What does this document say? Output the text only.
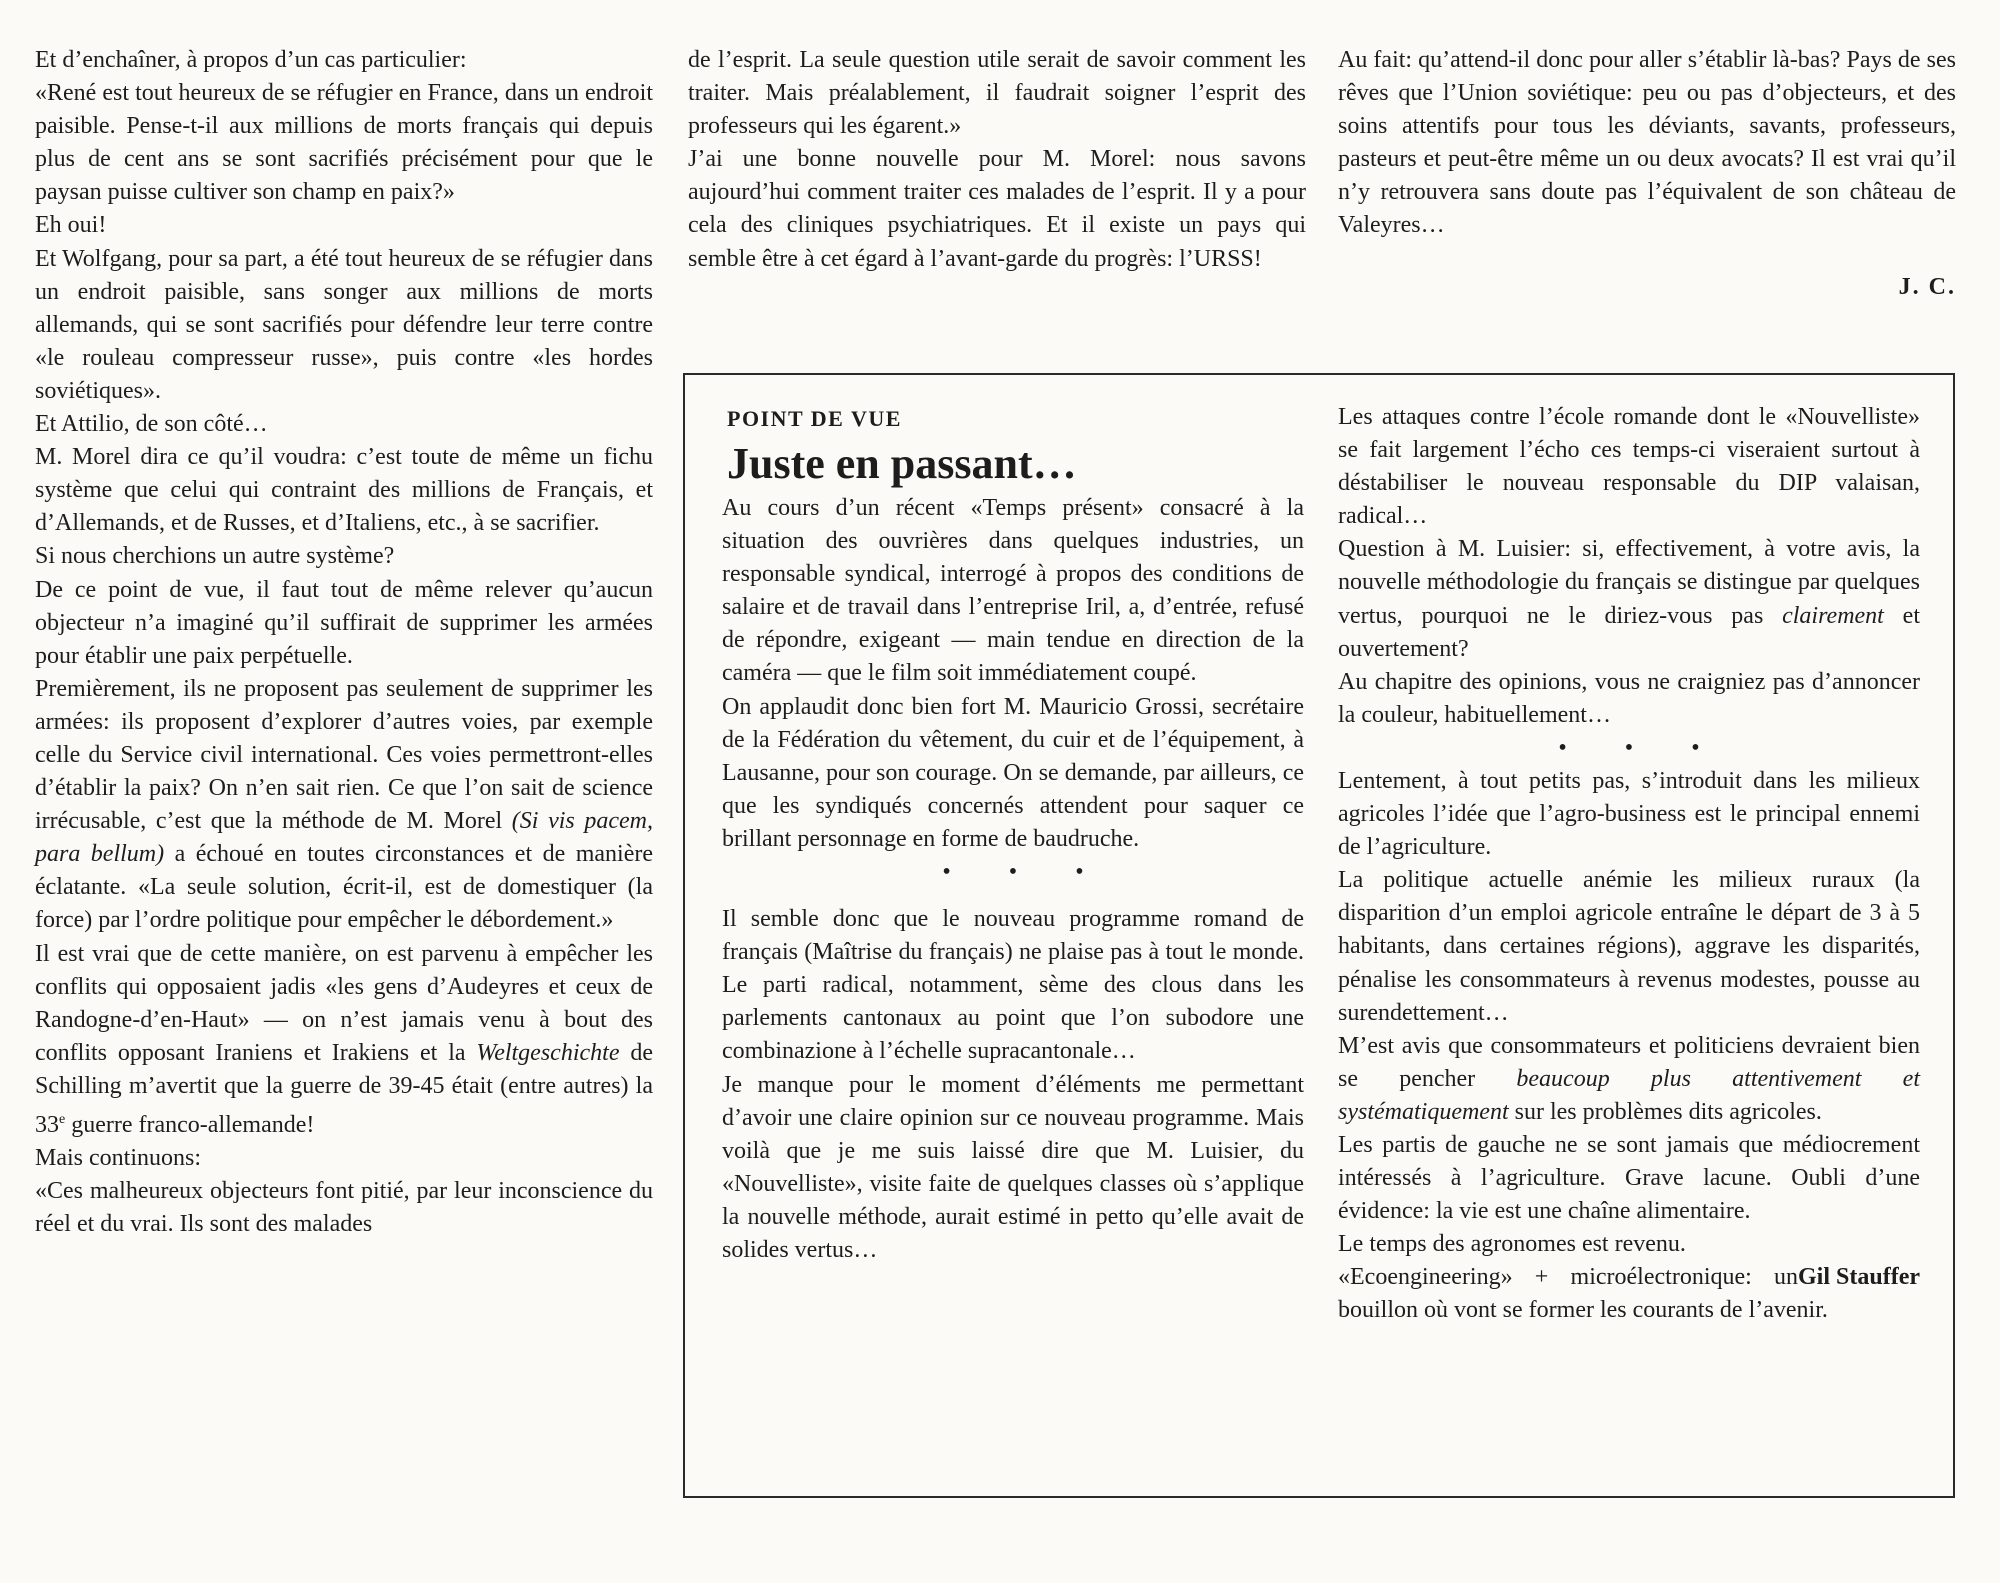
Et d’enchaîner, à propos d’un cas particulier:

«René est tout heureux de se réfugier en France, dans un endroit paisible. Pense-t-il aux millions de morts français qui depuis plus de cent ans se sont sacrifiés précisément pour que le paysan puisse cultiver son champ en paix?»

Eh oui!

Et Wolfgang, pour sa part, a été tout heureux de se réfugier dans un endroit paisible, sans songer aux millions de morts allemands, qui se sont sacrifiés pour défendre leur terre contre «le rouleau compresseur russe», puis contre «les hordes soviétiques».

Et Attilio, de son côté…

M. Morel dira ce qu’il voudra: c’est toute de même un fichu système que celui qui contraint des millions de Français, et d’Allemands, et de Russes, et d’Italiens, etc., à se sacrifier.

Si nous cherchions un autre système?

De ce point de vue, il faut tout de même relever qu’aucun objecteur n’a imaginé qu’il suffirait de supprimer les armées pour établir une paix perpétuelle.

Premièrement, ils ne proposent pas seulement de supprimer les armées: ils proposent d’explorer d’autres voies, par exemple celle du Service civil international. Ces voies permettront-elles d’établir la paix? On n’en sait rien. Ce que l’on sait de science irrécusable, c’est que la méthode de M. Morel (Si vis pacem, para bellum) a échoué en toutes circonstances et de manière éclatante. «La seule solution, écrit-il, est de domestiquer (la force) par l’ordre politique pour empêcher le débordement.»

Il est vrai que de cette manière, on est parvenu à empêcher les conflits qui opposaient jadis «les gens d’Audeyres et ceux de Randogne-d’en-Haut» — on n’est jamais venu à bout des conflits opposant Iraniens et Irakiens et la Weltgeschichte de Schilling m’avertit que la guerre de 39-45 était (entre autres) la 33e guerre franco-allemande!

Mais continuons:

«Ces malheureux objecteurs font pitié, par leur inconscience du réel et du vrai. Ils sont des malades

de l’esprit. La seule question utile serait de savoir comment les traiter. Mais préalablement, il faudrait soigner l’esprit des professeurs qui les égarent.»

J’ai une bonne nouvelle pour M. Morel: nous savons aujourd’hui comment traiter ces malades de l’esprit. Il y a pour cela des cliniques psychiatriques. Et il existe un pays qui semble être à cet égard à l’avant-garde du progrès: l’URSS!

Au fait: qu’attend-il donc pour aller s’établir là-bas? Pays de ses rêves que l’Union soviétique: peu ou pas d’objecteurs, et des soins attentifs pour tous les déviants, savants, professeurs, pasteurs et peut-être même un ou deux avocats? Il est vrai qu’il n’y retrouvera sans doute pas l’équivalent de son château de Valeyres…

J. C.

POINT DE VUE
Juste en passant…

Au cours d’un récent «Temps présent» consacré à la situation des ouvrières dans quelques industries, un responsable syndical, interrogé à propos des conditions de salaire et de travail dans l’entreprise Iril, a, d’entrée, refusé de répondre, exigeant — main tendue en direction de la caméra — que le film soit immédiatement coupé.

On applaudit donc bien fort M. Mauricio Grossi, secrétaire de la Fédération du vêtement, du cuir et de l’équipement, à Lausanne, pour son courage. On se demande, par ailleurs, ce que les syndiqués concernés attendent pour saquer ce brillant personnage en forme de baudruche.

• • •

Il semble donc que le nouveau programme romand de français (Maîtrise du français) ne plaise pas à tout le monde. Le parti radical, notamment, sème des clous dans les parlements cantonaux au point que l’on subodore une combinazione à l’échelle supracantonale…

Je manque pour le moment d’éléments me permettant d’avoir une claire opinion sur ce nouveau programme. Mais voilà que je me suis laissé dire que M. Luisier, du «Nouvelliste», visite faite de quelques classes où s’applique la nouvelle méthode, aurait estimé in petto qu’elle avait de solides vertus…

Les attaques contre l’école romande dont le «Nouvelliste» se fait largement l’écho ces temps-ci viseraient surtout à déstabiliser le nouveau responsable du DIP valaisan, radical…

Question à M. Luisier: si, effectivement, à votre avis, la nouvelle méthodologie du français se distingue par quelques vertus, pourquoi ne le diriez-vous pas clairement et ouvertement?

Au chapitre des opinions, vous ne craigniez pas d’annoncer la couleur, habituellement…

• • •

Lentement, à tout petits pas, s’introduit dans les milieux agricoles l’idée que l’agro-business est le principal ennemi de l’agriculture.

La politique actuelle anémie les milieux ruraux (la disparition d’un emploi agricole entraîne le départ de 3 à 5 habitants, dans certaines régions), aggrave les disparités, pénalise les consommateurs à revenus modestes, pousse au surendettement…

M’est avis que consommateurs et politiciens devraient bien se pencher beaucoup plus attentivement et systématiquement sur les problèmes dits agricoles.

Les partis de gauche ne se sont jamais que médiocrement intéressés à l’agriculture. Grave lacune. Oubli d’une évidence: la vie est une chaîne alimentaire.

Le temps des agronomes est revenu.

Gil Stauffer
«Ecoengineering» + microélectronique: un bouillon où vont se former les courants de l’avenir.
